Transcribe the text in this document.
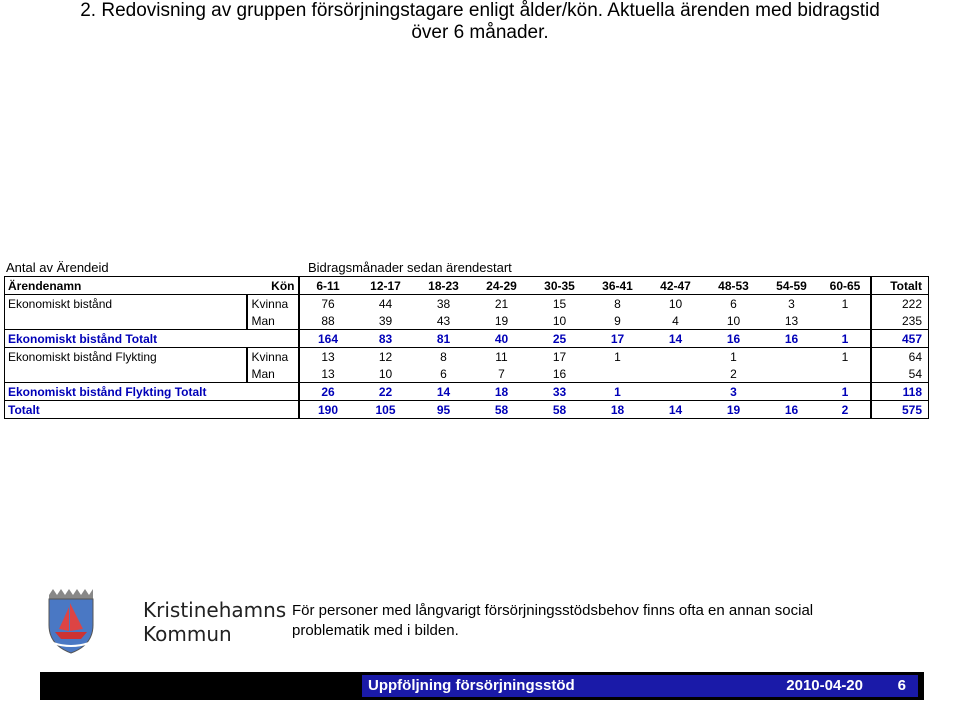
2. Redovisning av gruppen försörjningstagare enligt ålder/kön. Aktuella ärenden med bidragstid
över 6 månader.
Antal av Ärendeid	Bidragsmånader sedan ärendestart
Ärendenamn	Kön	6-11	12-17	18-23	24-29	30-35	36-41	42-47	48-53	54-59	60-65	Totalt
Ekonomiskt bistånd	Kvinna	76	44	38	21	15	8	10	6	3	1	222
	Man	88	39	43	19	10	9	4	10	13		235
Ekonomiskt bistånd Totalt		164	83	81	40	25	17	14	16	16	1	457
Ekonomiskt bistånd Flykting	Kvinna	13	12	8	11	17	1		1		1	64
	Man	13	10	6	7	16			2			54
Ekonomiskt bistånd Flykting Totalt		26	22	14	18	33	1		3		1	118
Totalt		190	105	95	58	58	18	14	19	16	2	575
Kristinehamns
Kommun
För personer med långvarigt försörjningsstödsbehov finns ofta en annan social problematik med i bilden.
Uppföljning försörjningsstöd	2010-04-20 6
